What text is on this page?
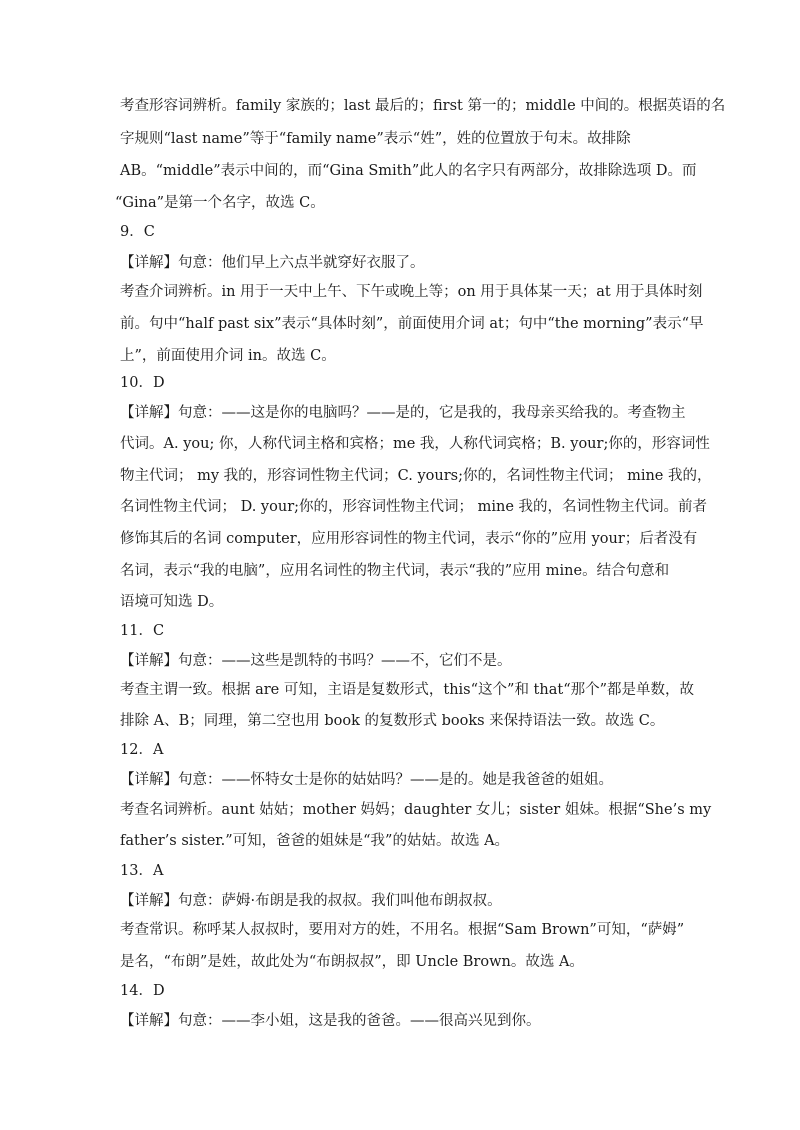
考查形容词辨析。family 家族的；last 最后的；first 第一的；middle 中间的。根据英语的名
字规则“last name”等于“family name”表示“姓”，姓的位置放于句末。故排除
AB。“middle”表示中间的，而“Gina Smith”此人的名字只有两部分，故排除选项 D。而
“Gina”是第一个名字，故选 C。
9．C
【详解】句意：他们早上六点半就穿好衣服了。
考查介词辨析。in 用于一天中上午、下午或晚上等；on 用于具体某一天；at 用于具体时刻
前。句中“half past six”表示“具体时刻”，前面使用介词 at；句中“the morning”表示“早
上”，前面使用介词 in。故选 C。
10．D
【详解】句意：——这是你的电脑吗？——是的，它是我的，我母亲买给我的。考查物主
代词。A. you; 你，人称代词主格和宾格；me 我，人称代词宾格；B. your;你的，形容词性
物主代词； my 我的，形容词性物主代词；C. yours;你的，名词性物主代词； mine 我的，
名词性物主代词； D. your;你的，形容词性物主代词； mine 我的，名词性物主代词。前者
修饰其后的名词 computer，应用形容词性的物主代词，表示“你的”应用 your；后者没有
名词，表示“我的电脑”，应用名词性的物主代词，表示“我的”应用 mine。结合句意和
语境可知选 D。
11．C
【详解】句意：——这些是凯特的书吗？——不，它们不是。
考查主谓一致。根据 are 可知，主语是复数形式，this“这个”和 that“那个”都是单数，故
排除 A、B；同理，第二空也用 book 的复数形式 books 来保持语法一致。故选 C。
12．A
【详解】句意：——怀特女士是你的姑姑吗？——是的。她是我爸爸的姐姐。
考查名词辨析。aunt 姑姑；mother 妈妈；daughter 女儿；sister 姐妹。根据“She’s my
father’s sister.”可知，爸爸的姐妹是“我”的姑姑。故选 A。
13．A
【详解】句意：萨姆·布朗是我的叔叔。我们叫他布朗叔叔。
考查常识。称呼某人叔叔时，要用对方的姓，不用名。根据“Sam Brown”可知，“萨姆”
是名，“布朗”是姓，故此处为“布朗叔叔”，即 Uncle Brown。故选 A。
14．D
【详解】句意：——李小姐，这是我的爸爸。——很高兴见到你。
